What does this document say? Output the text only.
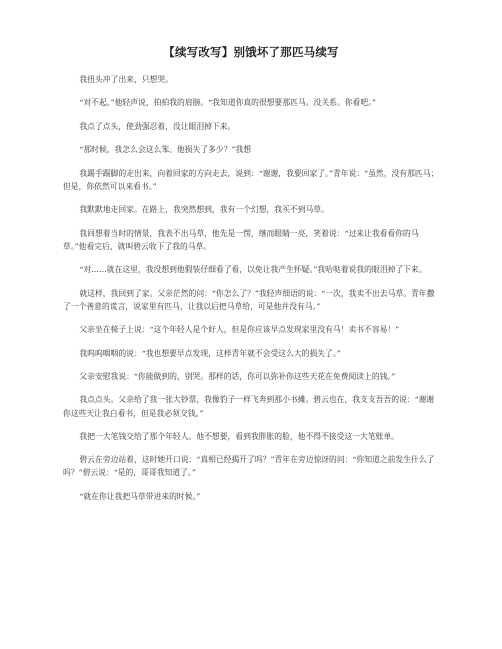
【续写改写】别饿坏了那匹马续写

我扭头冲了出来，只想哭。

“对不起，”他轻声说，拍拍我的肩膀。“我知道你真的很想要那匹马。没关系。你看吧。”

我点了点头，使劲强忍着，没让眼泪掉下来。

“那时候，我怎么会这么笨。他损失了多少？”我想

我踢手踢脚的走出来，向着回家的方向走去，说到：“谢谢，我要回家了。”青年说：“虽然，没有那匹马；但是，你依然可以来看书。”

我默默地走回家。在路上，我突然想到，我有一个幻想，我买不到马草。

我回想着当时的情景，我表不出马草，他先是一愣，继而眼睛一亮，笑着说：“过来让我看看你的马草。”他看完后，就叫碧云收下了我的马草。

“对……就在这里，我没想到他假装仔细看了看，以免让我产生怀疑。”我哈哒着说我的眼泪掉了下来。

就这样，我回到了家。父亲茫然的问：“你怎么了？”我轻声细语的说：“一次，我卖不出去马草。青年撒了一个善意的谎言，说家里有匹马，让我以后把马草给，可是他并没有马。”

父亲坐在椅子上说：“这个年轻人是个好人，但是你应该早点发现家里没有马！卖书不容易！”

我呜呜咽咽的说：“我也想要早点发现，这样青年就不会受这么大的损失了。”

父亲安慰我说：“你能做到的，别哭。那样的话，你可以弥补你这些天花在免费阅读上的钱。”

我点点头。父亲给了我一张大钞票，我像豹子一样飞奔到那小书摊。碧云也在，我支支吾吾的说：“谢谢你这些天让我白看书，但是我必须交钱。”

我把一大笔钱交给了那个年轻人。他不想要，看到我胖胀的脸，他不得不接受这一大笔账单。

碧云在旁边站着，这时她开口说：“真相已经揭开了吗？”青年在旁边惊讶的问：“你知道之前发生什么了吗？”碧云说：“是的，哥哥我知道了。”

“就在你让我把马草带进来的时候。”
